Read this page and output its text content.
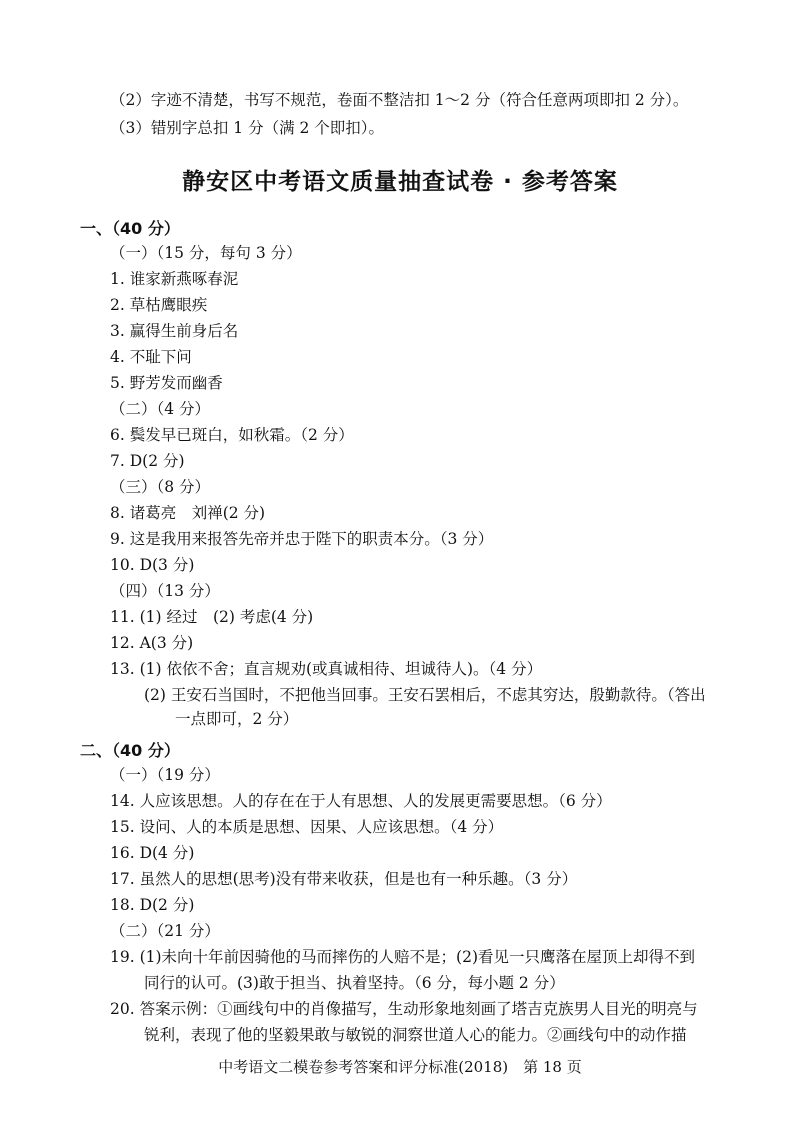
（2）字迹不清楚，书写不规范，卷面不整洁扣 1～2 分（符合任意两项即扣 2 分）。
（3）错别字总扣 1 分（满 2 个即扣）。
静安区中考语文质量抽查试卷 · 参考答案
一、（40 分）
（一）（15 分，每句 3 分）
1. 谁家新燕啄春泥
2. 草枯鹰眼疾
3. 赢得生前身后名
4. 不耻下问
5. 野芳发而幽香
（二）（4 分）
6. 鬓发早已斑白，如秋霜。（2 分）
7. D(2 分)
（三）（8 分）
8. 诸葛亮　刘禅(2 分)
9. 这是我用来报答先帝并忠于陛下的职责本分。（3 分）
10. D(3 分)
（四）（13 分）
11. (1) 经过　(2) 考虑(4 分)
12. A(3 分)
13. (1) 依依不舍；直言规劝(或真诚相待、坦诚待人)。（4 分）
(2) 王安石当国时，不把他当回事。王安石罢相后，不虑其穷达，殷勤款待。（答出
一点即可，2 分）
二、（40 分）
（一）（19 分）
14. 人应该思想。人的存在在于人有思想、人的发展更需要思想。（6 分）
15. 设问、人的本质是思想、因果、人应该思想。（4 分）
16. D(4 分)
17. 虽然人的思想(思考)没有带来收获，但是也有一种乐趣。（3 分）
18. D(2 分)
（二）（21 分）
19. (1)未向十年前因骑他的马而摔伤的人赔不是；(2)看见一只鹰落在屋顶上却得不到
同行的认可。(3)敢于担当、执着坚持。（6 分，每小题 2 分）
20. 答案示例：①画线句中的肖像描写，生动形象地刻画了塔吉克族男人目光的明亮与
锐利，表现了他的坚毅果敢与敏锐的洞察世道人心的能力。②画线句中的动作描
中考语文二模卷参考答案和评分标准(2018)　第 18 页
